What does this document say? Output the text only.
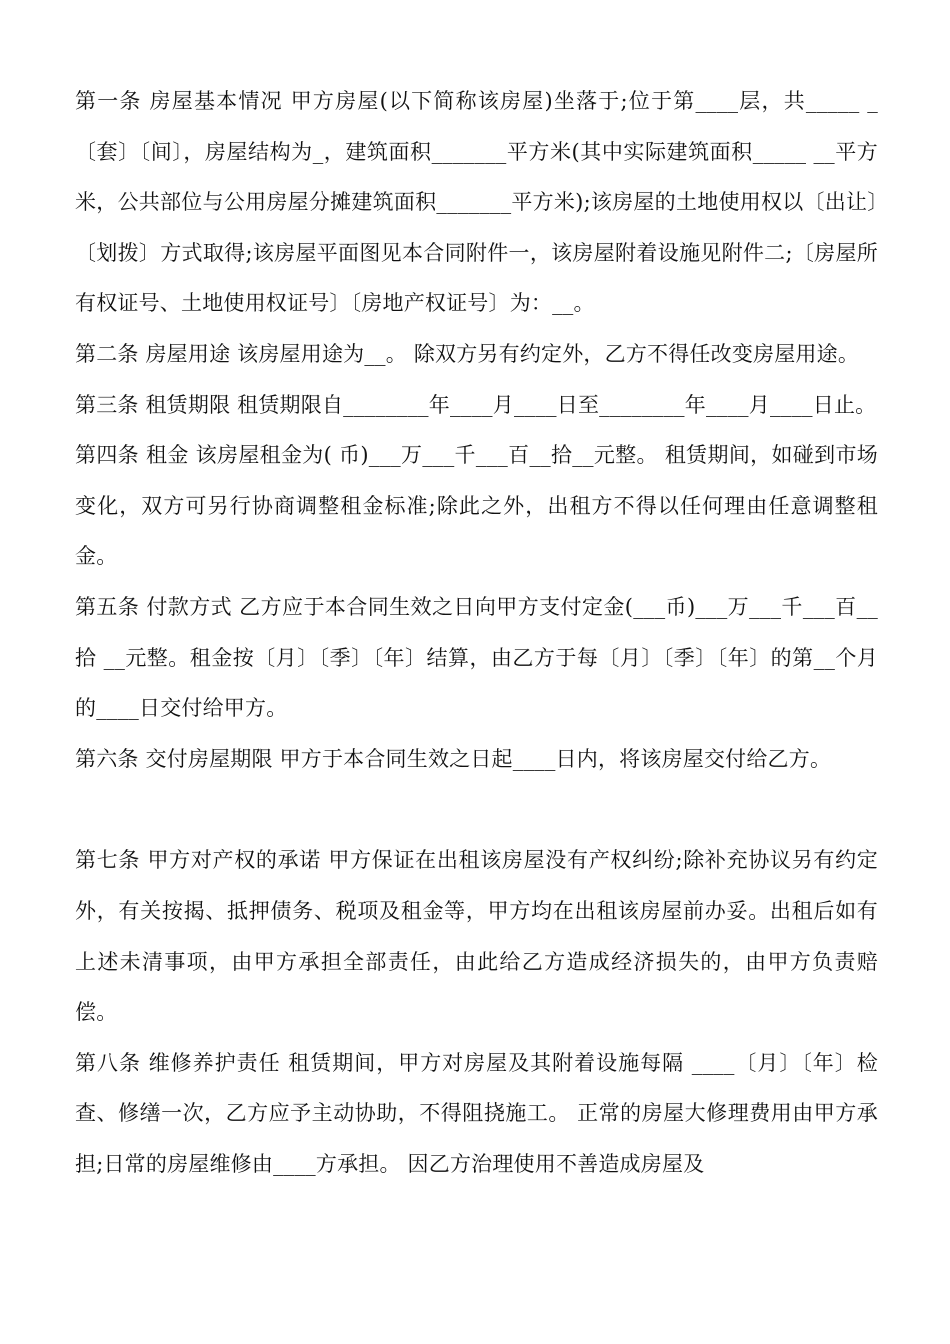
第一条 房屋基本情况 甲方房屋(以下简称该房屋)坐落于;位于第____层，共_____ _〔套〕〔间〕，房屋结构为_，建筑面积_______平方米(其中实际建筑面积_____ __平方米，公共部位与公用房屋分摊建筑面积_______平方米);该房屋的土地使用权以〔出让〕〔划拨〕方式取得;该房屋平面图见本合同附件一，该房屋附着设施见附件二;〔房屋所有权证号、土地使用权证号〕〔房地产权证号〕为：__。

第二条 房屋用途 该房屋用途为__。 除双方另有约定外，乙方不得任改变房屋用途。

第三条 租赁期限 租赁期限自________年____月____日至________年____月____日止。

第四条 租金 该房屋租金为( 币)___万___千___百__拾__元整。 租赁期间，如碰到市场变化，双方可另行协商调整租金标准;除此之外，出租方不得以任何理由任意调整租金。

第五条 付款方式 乙方应于本合同生效之日向甲方支付定金(___币)___万___千___百__拾 __元整。租金按〔月〕〔季〕〔年〕结算，由乙方于每〔月〕〔季〕〔年〕的第__个月的____日交付给甲方。

第六条 交付房屋期限 甲方于本合同生效之日起____日内，将该房屋交付给乙方。

第七条 甲方对产权的承诺 甲方保证在出租该房屋没有产权纠纷;除补充协议另有约定外，有关按揭、抵押债务、税项及租金等，甲方均在出租该房屋前办妥。出租后如有上述未清事项，由甲方承担全部责任，由此给乙方造成经济损失的，由甲方负责赔偿。

第八条 维修养护责任 租赁期间，甲方对房屋及其附着设施每隔 ____〔月〕〔年〕检查、修缮一次，乙方应予主动协助，不得阻挠施工。 正常的房屋大修理费用由甲方承担;日常的房屋维修由____方承担。 因乙方治理使用不善造成房屋及
